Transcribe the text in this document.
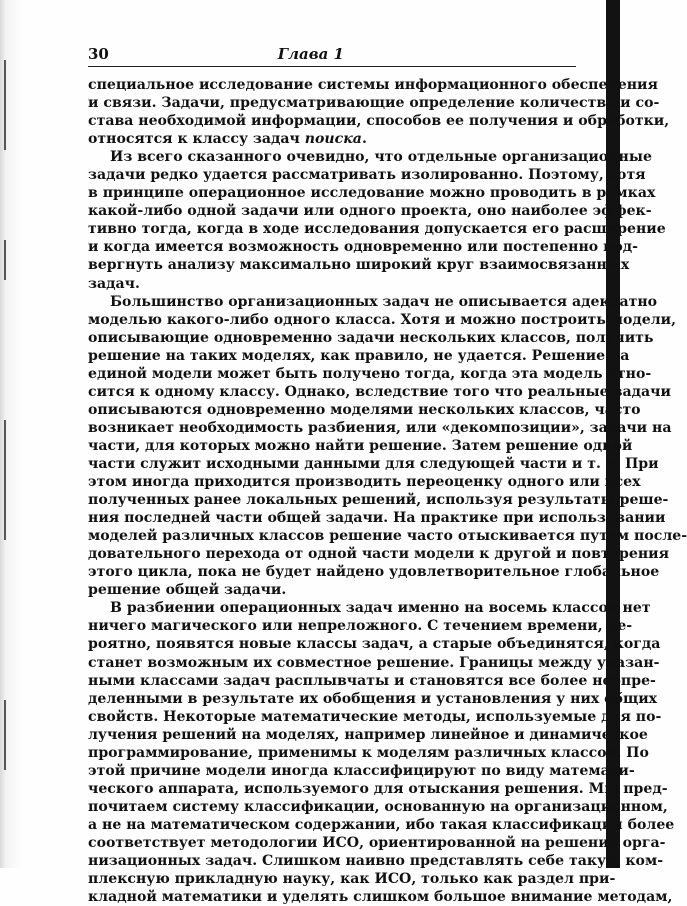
30	Глава 1
специальное исследование системы информационного обеспечения
и связи. Задачи, предусматривающие определение количества и со-
става необходимой информации, способов ее получения и обработки,
относятся к классу задач поиска.
Из всего сказанного очевидно, что отдельные организационные
задачи редко удается рассматривать изолированно. Поэтому, хотя
в принципе операционное исследование можно проводить в рамках
какой-либо одной задачи или одного проекта, оно наиболее эффек-
тивно тогда, когда в ходе исследования допускается его расширение
и когда имеется возможность одновременно или постепенно под-
вергнуть анализу максимально широкий круг взаимосвязанных
задач.
Большинство организационных задач не описывается адекватно
моделью какого-либо одного класса. Хотя и можно построить модели,
описывающие одновременно задачи нескольких классов, получить
решение на таких моделях, как правило, не удается. Решение на
единой модели может быть получено тогда, когда эта модель отно-
сится к одному классу. Однако, вследствие того что реальные задачи
описываются одновременно моделями нескольких классов, часто
возникает необходимость разбиения, или «декомпозиции», задачи на
части, для которых можно найти решение. Затем решение одной
части служит исходными данными для следующей части и т. д. При
этом иногда приходится производить переоценку одного или всех
полученных ранее локальных решений, используя результаты реше-
ния последней части общей задачи. На практике при использовании
моделей различных классов решение часто отыскивается путем после-
довательного перехода от одной части модели к другой и повторения
этого цикла, пока не будет найдено удовлетворительное глобальное
решение общей задачи.
В разбиении операционных задач именно на восемь классов нет
ничего магического или непреложного. С течением времени, ве-
роятно, появятся новые классы задач, а старые объединятся, когда
станет возможным их совместное решение. Границы между указан-
ными классами задач расплывчаты и становятся все более неопре-
деленными в результате их обобщения и установления у них общих
свойств. Некоторые математические методы, используемые для по-
лучения решений на моделях, например линейное и динамическое
программирование, применимы к моделям различных классов. По
этой причине модели иногда классифицируют по виду математи-
ческого аппарата, используемого для отыскания решения. Мы пред-
почитаем систему классификации, основанную на организационном,
а не на математическом содержании, ибо такая классификация более
соответствует методологии ИСО, ориентированной на решение орга-
низационных задач. Слишком наивно представлять себе такую ком-
плексную прикладную науку, как ИСО, только как раздел при-
кладной математики и уделять слишком большое внимание методам,
